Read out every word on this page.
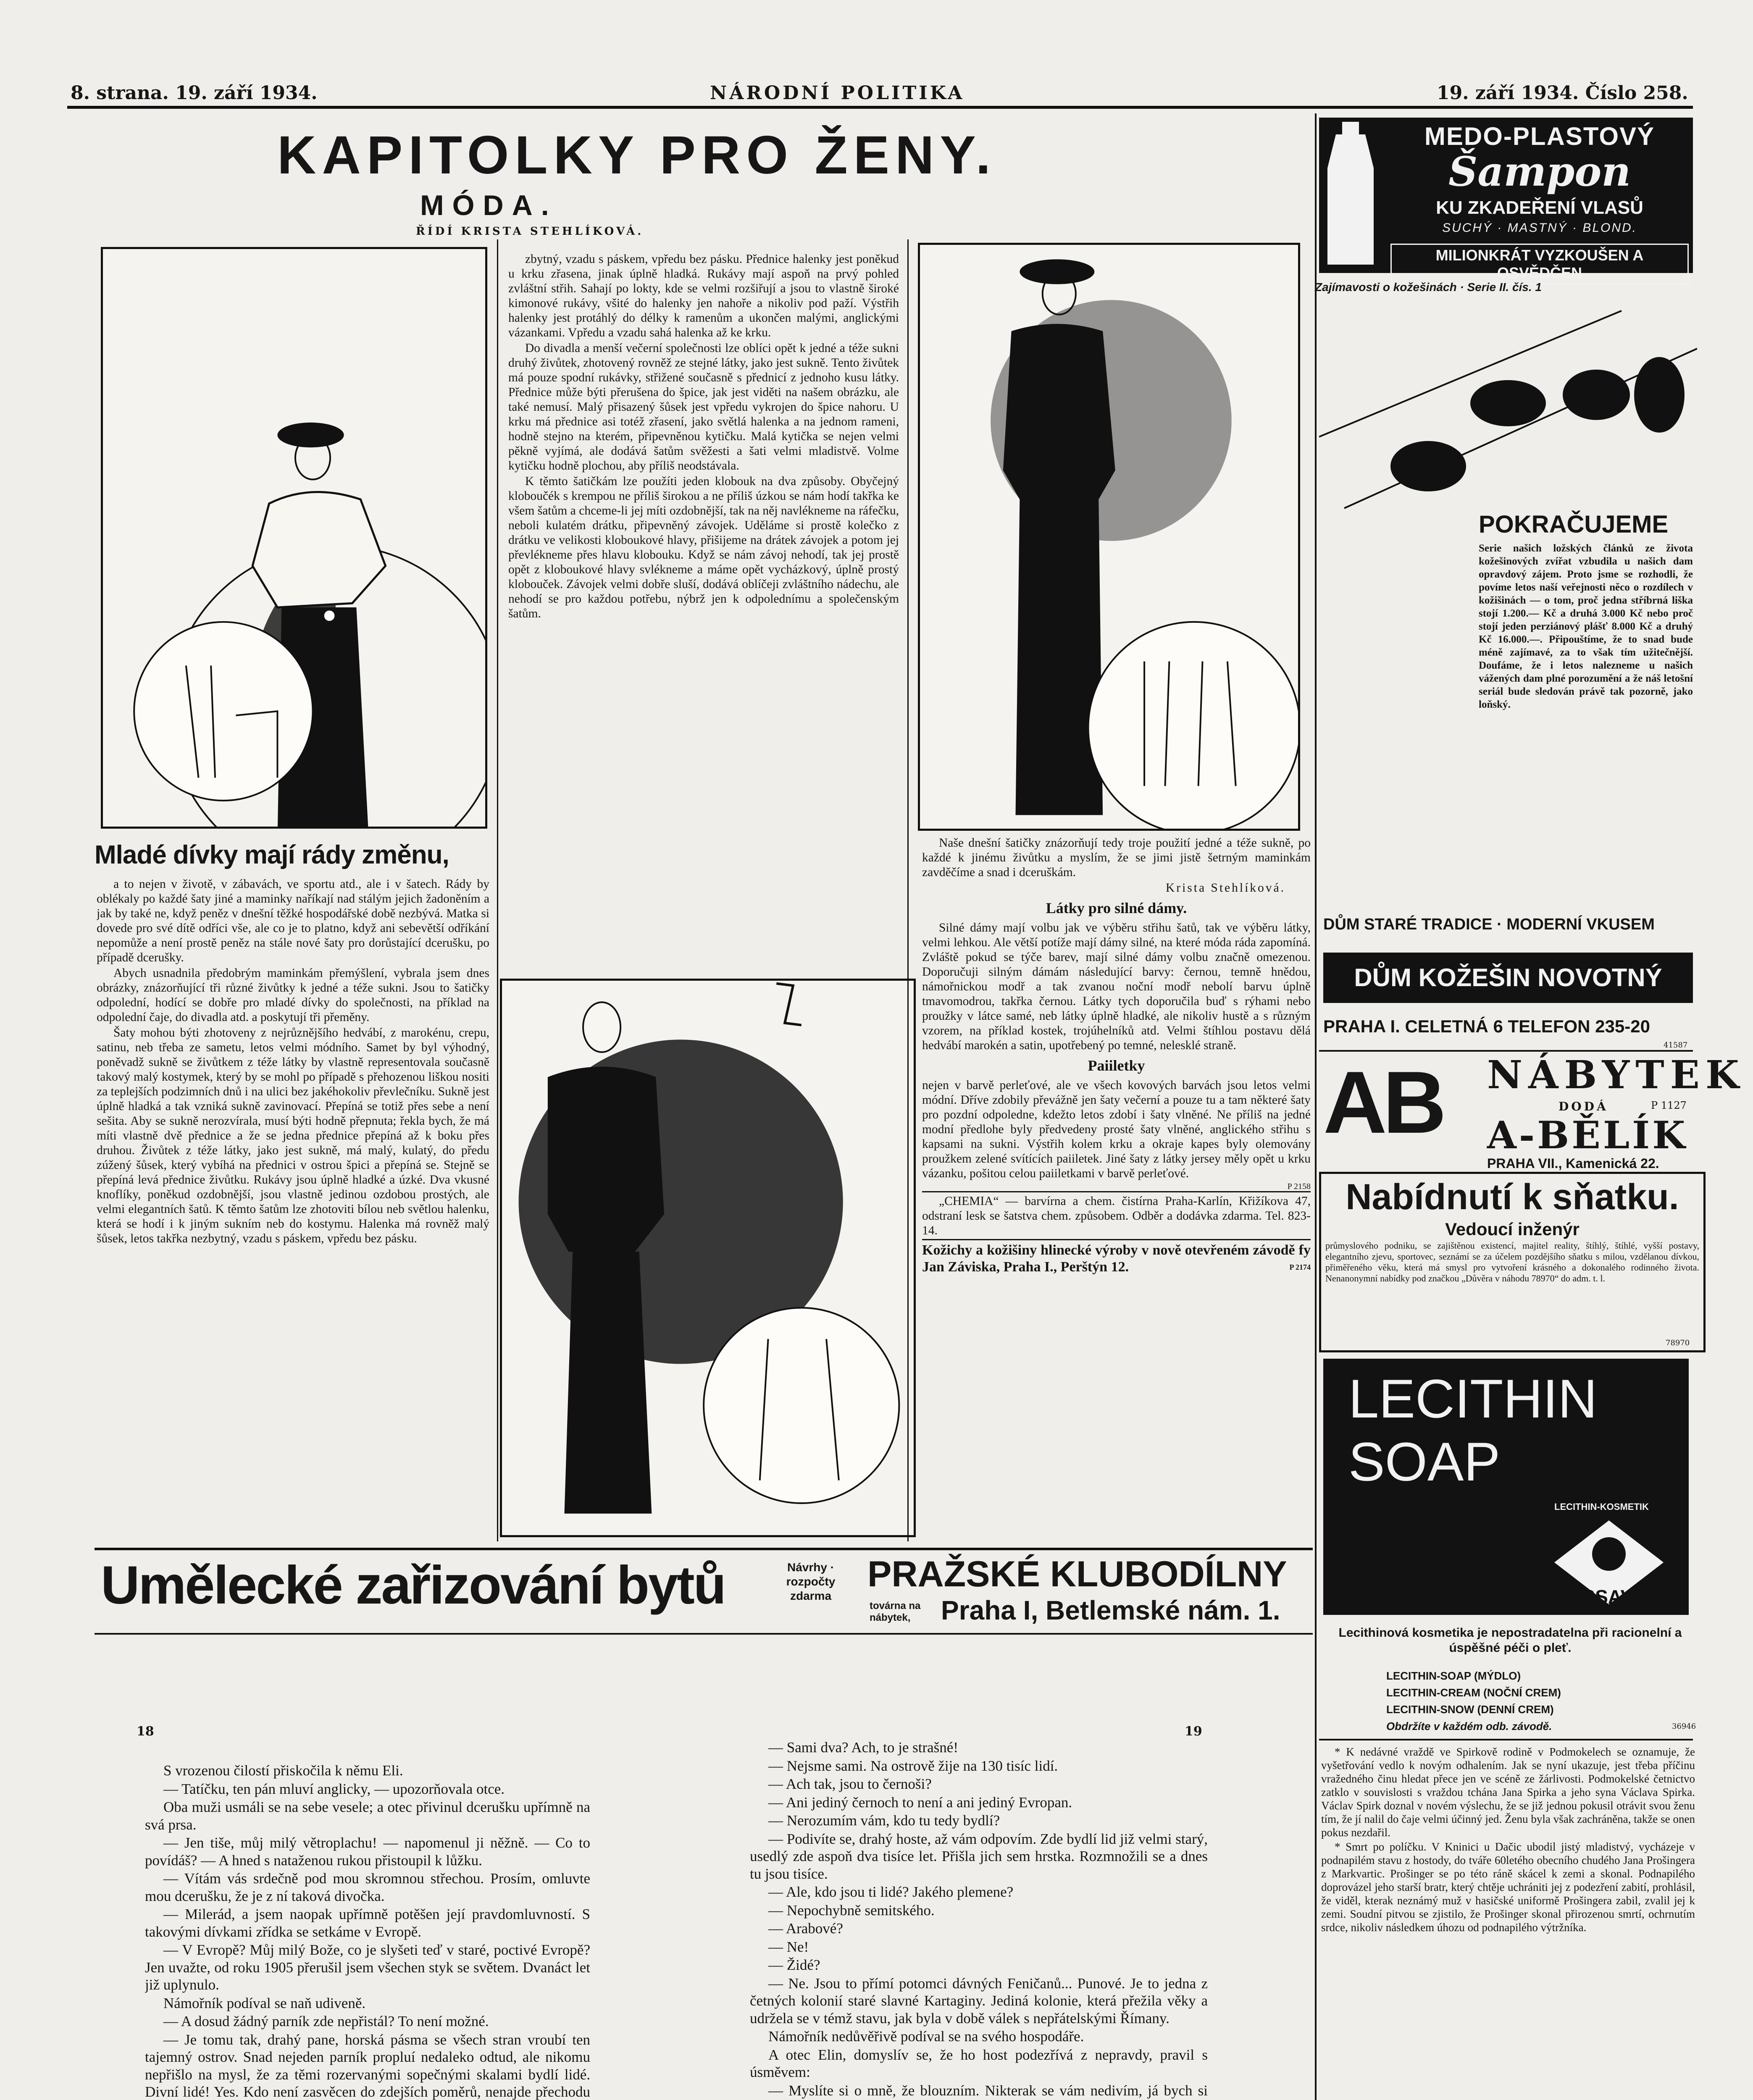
8. strana. 19. září 1934.	NÁRODNÍ POLITIKA	19. září 1934. Číslo 258.
KAPITOLKY PRO ŽENY.
MÓDA.
ŘÍDÍ KRISTA STEHLÍKOVÁ.
Mladé dívky mají rády změnu,

a to nejen v životě, v zábavách, ve sportu atd., ale i v šatech. Rády by oblékaly po každé šaty jiné a maminky naříkají nad stálým jejich žadoněním a jak by také ne, když peněz v dnešní těžké hospodářské době nezbývá. Matka si dovede pro své dítě odříci vše, ale co je to platno, když ani sebevětší odříkání nepomůže a není prostě peněz na stále nové šaty pro dorůstající dcerušku, po případě dcerušky.

Abych usnadnila předobrým maminkám přemýšlení, vybrala jsem dnes obrázky, znázorňující tři různé živůtky k jedné a téže sukni. Jsou to šatičky odpolední, hodící se dobře pro mladé dívky do společnosti, na příklad na odpolední čaje, do divadla atd. a poskytují tři přeměny.

Šaty mohou býti zhotoveny z nejrůznějšího hedvábí, z marokénu, crepu, satinu, neb třeba ze sametu, letos velmi módního. Samet by byl výhodný, poněvadž sukně se živůtkem z téže látky by vlastně representovala současně takový malý kostymek, který by se mohl po případě s přehozenou liškou nositi za teplejších podzimních dnů i na ulici bez jakéhokoliv převlečníku. Sukně jest úplně hladká a tak vzniká sukně zavinovací. Přepíná se totiž přes sebe a není sešita. Aby se sukně nerozvírala, musí býti hodně přepnuta; řekla bych, že má míti vlastně dvě přednice a že se jedna přednice přepíná až k boku přes druhou. Živůtek z téže látky, jako jest sukně, má malý, kulatý, do předu zúžený šůsek, který vybíhá na přednici v ostrou špici a přepíná se. Stejně se přepíná levá přednice živůtku. Rukávy jsou úplně hladké a úzké. Dva vkusné knoflíky, poněkud ozdobnější, jsou vlastně jedinou ozdobou prostých, ale velmi elegantních šatů. K těmto šatům lze zhotoviti bílou neb světlou halenku, která se hodí i k jiným sukním neb do kostymu. Halenka má rovněž malý šůsek, letos takřka nezbytný, vzadu s páskem, vpředu bez pásku.

zbytný, vzadu s páskem, vpředu bez pásku. Přednice halenky jest poněkud u krku zřasena, jinak úplně hladká. Rukávy mají aspoň na prvý pohled zvláštní střih. Sahají po lokty, kde se velmi rozšiřují a jsou to vlastně široké kimonové rukávy, všité do halenky jen nahoře a nikoliv pod paží. Výstřih halenky jest protáhlý do délky k ramenům a ukončen malými, anglickými vázankami. Vpředu a vzadu sahá halenka až ke krku.

Do divadla a menší večerní společnosti lze oblíci opět k jedné a téže sukni druhý živůtek, zhotovený rovněž ze stejné látky, jako jest sukně. Tento živůtek má pouze spodní rukávky, střižené současně s přednicí z jednoho kusu látky. Přednice může býti přerušena do špice, jak jest viděti na našem obrázku, ale také nemusí. Malý přisazený šůsek jest vpředu vykrojen do špice nahoru. U krku má přednice asi totéž zřasení, jako světlá halenka a na jednom rameni, hodně stejno na kterém, připevněnou kytičku. Malá kytička se nejen velmi pěkně vyjímá, ale dodává šatům svěžesti a šati velmi mladistvě. Volme kytičku hodně plochou, aby příliš neodstávala.

K těmto šatičkám lze použíti jeden klobouk na dva způsoby. Obyčejný kloboučék s krempou ne příliš širokou a ne příliš úzkou se nám hodí takřka ke všem šatům a chceme-li jej míti ozdobnější, tak na něj navlékneme na ráfečku, neboli kulatém drátku, připevněný závojek. Uděláme si prostě kolečko z drátku ve velikosti kloboukové hlavy, přišijeme na drátek závojek a potom jej převlékneme přes hlavu klobouku. Když se nám závoj nehodí, tak jej prostě opět z kloboukové hlavy svlékneme a máme opět vycházkový, úplně prostý klobouček. Závojek velmi dobře sluší, dodává oblíčeji zvláštního nádechu, ale nehodí se pro každou potřebu, nýbrž jen k odpolednímu a společenským šatům.

Naše dnešní šatičky znázorňují tedy troje použití jedné a téže sukně, po každé k jinému živůtku a myslím, že se jimi jistě šetrným maminkám zavděčíme a snad i dceruškám.

Krista Stehlíková.
Látky pro silné dámy.

Silné dámy mají volbu jak ve výběru střihu šatů, tak ve výběru látky, velmi lehkou. Ale větší potíže mají dámy silné, na které móda ráda zapomíná. Zvláště pokud se týče barev, mají silné dámy volbu značně omezenou. Doporučuji silným dámám následující barvy: černou, temně hnědou, námořnickou modř a tak zvanou noční modř nebolí barvu úplně tmavomodrou, takřka černou. Látky tych doporučila buď s rýhami nebo proužky v látce samé, neb látky úplně hladké, ale nikoliv hustě a s různým vzorem, na příklad kostek, trojúhelníků atd. Velmi štíhlou postavu dělá hedvábí marokén a satin, upotřebený po temné, nelesklé straně.

Paiiletky

nejen v barvě perleťové, ale ve všech kovových barvách jsou letos velmi módní. Dříve zdobily převážně jen šaty večerní a pouze tu a tam některé šaty pro pozdní odpoledne, kdežto letos zdobí i šaty vlněné. Ne příliš na jedné modní předlohe byly předvedeny prosté šaty vlněné, anglického střihu s kapsami na sukni. Výstřih kolem krku a okraje kapes byly olemovány proužkem zelené svítících paiiletek. Jiné šaty z látky jersey měly opět u krku vázanku, pošitou celou paiiletkami v barvě perleťové.

P 2158

„CHEMIA“ — barvírna a chem. čistírna Praha-Karlín, Křižíkova 47, odstraní lesk se šatstva chem. způsobem. Odběr a dodávka zdarma. Tel. 823-14.

Kožichy a kožišiny hlinecké výroby v nově otevřeném závodě fy Jan Záviska, Praha I., Perštýn 12.	P 2174
Umělecké zařizování bytů	Návrhy · rozpočty zdarma
PRAŽSKÉ KLUBODÍLNY
továrna na nábytek,	Praha I, Betlemské nám. 1.
18	19

S vrozenou čilostí přiskočila k němu Eli.

— Tatíčku, ten pán mluví anglicky, — upozorňovala otce.

Oba muži usmáli se na sebe vesele; a otec přivinul dcerušku upřímně na svá prsa.

— Jen tiše, můj milý větroplachu! — napomenul ji něžně. — Co to povídáš? — A hned s nataženou rukou přistoupil k lůžku.

— Vítám vás srdečně pod mou skromnou střechou. Prosím, omluvte mou dcerušku, že je z ní taková divočka.

— Milerád, a jsem naopak upřímně potěšen její pravdomluvností. S takovými dívkami zřídka se setkáme v Evropě.

— V Evropě? Můj milý Bože, co je slyšeti teď v staré, poctivé Evropě? Jen uvažte, od roku 1905 přerušil jsem všechen styk se světem. Dvanáct let již uplynulo.

Námořník podíval se naň udiveně.

— A dosud žádný parník zde nepřistál? To není možné.

— Je tomu tak, drahý pane, horská pásma se všech stran vroubí ten tajemný ostrov. Snad nejeden parník propluí nedaleko odtud, ale nikomu nepřišlo na mysl, že za těmi rozervanými sopečnými skalami bydlí lidé. Divní lidé! Yes. Kdo není zasvěcen do zdejších poměrů, nenajde přechodu

— Sami dva? Ach, to je strašné!

— Nejsme sami. Na ostrově žije na 130 tisíc lidí.

— Ach tak, jsou to černoši?

— Ani jediný černoch to není a ani jediný Evropan.

— Nerozumím vám, kdo tu tedy bydlí?

— Podivíte se, drahý hoste, až vám odpovím. Zde bydlí lid již velmi starý, usedlý zde aspoň dva tisíce let. Přišla jich sem hrstka. Rozmnožili se a dnes tu jsou tisíce.

— Ale, kdo jsou ti lidé? Jakého plemene?

— Nepochybně semitského.

— Arabové?

— Ne!

— Židé?

— Ne. Jsou to přímí potomci dávných Feničanů... Punové. Je to jedna z četných kolonií staré slavné Kartaginy. Jediná kolonie, která přežila věky a udržela se v témž stavu, jak byla v době válek s nepřátelskými Římany.

Námořník nedůvěřivě podíval se na svého hospodáře.

A otec Elin, domyslív se, že ho host podezřívá z nepravdy, pravil s úsměvem:

— Myslíte si o mně, že blouzním. Nikterak se vám nedivím, já bych si

MEDO-PLASTOVÝ
Šampon
KU ZKADEŘENÍ VLASŮ
SUCHÝ · MASTNÝ · BLOND.
MILIONKRÁT VYZKOUŠEN A OSVĚDČEN
Zajímavosti o kožešinách · Serie II. čís. 1
POKRAČUJEME
Serie našich ložských článků ze života kožešinových zvířat vzbudila u našich dam opravdový zájem. Proto jsme se rozhodli, že povíme letos naší veřejnosti něco o rozdílech v kožišinách — o tom, proč jedna stříbrná liška stojí 1.200.— Kč a druhá 3.000 Kč nebo proč stojí jeden perziánový plášť 8.000 Kč a druhý Kč 16.000.—. Připouštíme, že to snad bude méně zajímavé, za to však tím užitečnější. Doufáme, že i letos nalezneme u našich vážených dam plné porozumění a že náš letošní seriál bude sledován právě tak pozorně, jako loňský.
DŮM STARÉ TRADICE · MODERNÍ VKUSEM
DŮM KOŽEŠIN NOVOTNÝ
PRAHA I. CELETNÁ 6 TELEFON 235-20
41587
AB NÁBYTEK
DODÁ	P 1127
A-BĚLÍK
PRAHA VII., Kamenická 22.
Nabídnutí k sňatku.
Vedoucí inženýr
průmyslového podniku, se zajištěnou existencí, majitel reality, štíhlý, štíhlé, vyšší postavy, elegantního zjevu, sportovec, seznámí se za účelem pozdějšího sňatku s milou, vzdělanou dívkou, přiměřeného věku, která má smysl pro vytvoření krásného a dokonalého rodinného života. Nenanonymní nabídky pod značkou „Důvěra v náhodu 78970“ do adm. t. l.
78970
LECITHIN
SOAP
LECITHIN-KOSMETIK
KASSAVIA
Lecithinová kosmetika je nepostradatelna při racionelní a úspěšné péči o pleť.
LECITHIN-SOAP (MÝDLO)
LECITHIN-CREAM (NOČNÍ CREM)
LECITHIN-SNOW (DENNÍ CREM)
Obdržíte v každém odb. závodě.	36946

* K nedávné vraždě ve Spirkově rodině v Podmokelech se oznamuje, že vyšetřování vedlo k novým odhalením. Jak se nyní ukazuje, jest třeba příčinu vražedného činu hledat přece jen ve scéně ze žárlivosti. Podmokelské četnictvo zatklo v souvislosti s vraždou tchána Jana Spirka a jeho syna Václava Spirka. Václav Spirk doznal v novém výslechu, že se již jednou pokusil otrávit svou ženu tím, že jí nalil do čaje velmi účinný jed. Ženu byla však zachráněna, takže se onen pokus nezdařil.

* Smrt po políčku. V Kninici u Dačic ubodil jistý mladistvý, vycházeje v podnapilém stavu z hostody, do tváře 60letého obecního chudého Jana Prošingera z Markvartic. Prošinger se po této ráně skácel k zemi a skonal. Podnapilého doprovázel jeho starší bratr, který chtěje uchrániti jej z podezření zabití, prohlásil, že viděl, kterak neznámý muž v hasičské uniformě Prošingera zabil, zvalil jej k zemi. Soudní pitvou se zjistilo, že Prošinger skonal přirozenou smrtí, ochrnutím srdce, nikoliv následkem úhozu od podnapilého výtržníka.
